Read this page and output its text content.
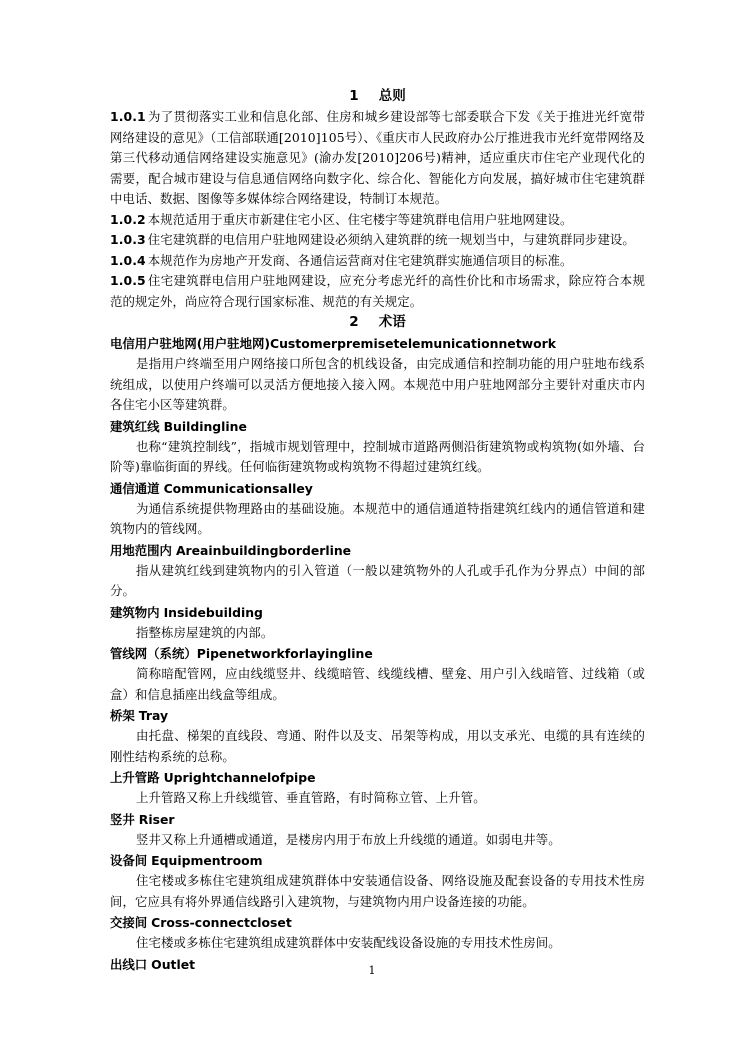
1 总则

1.0.1 为了贯彻落实工业和信息化部、住房和城乡建设部等七部委联合下发《关于推进光纤宽带网络建设的意见》（工信部联通[2010]105号）、《重庆市人民政府办公厅推进我市光纤宽带网络及第三代移动通信网络建设实施意见》(渝办发[2010]206号)精神，适应重庆市住宅产业现代化的需要，配合城市建设与信息通信网络向数字化、综合化、智能化方向发展，搞好城市住宅建筑群中电话、数据、图像等多媒体综合网络建设，特制订本规范。

1.0.2 本规范适用于重庆市新建住宅小区、住宅楼宇等建筑群电信用户驻地网建设。

1.0.3 住宅建筑群的电信用户驻地网建设必须纳入建筑群的统一规划当中，与建筑群同步建设。

1.0.4 本规范作为房地产开发商、各通信运营商对住宅建筑群实施通信项目的标准。

1.0.5 住宅建筑群电信用户驻地网建设，应充分考虑光纤的高性价比和市场需求，除应符合本规范的规定外，尚应符合现行国家标准、规范的有关规定。

2 术语

电信用户驻地网(用户驻地网)Customerpremisetelemunicationnetwork

是指用户终端至用户网络接口所包含的机线设备，由完成通信和控制功能的用户驻地布线系统组成，以使用户终端可以灵活方便地接入接入网。本规范中用户驻地网部分主要针对重庆市内各住宅小区等建筑群。

建筑红线 Buildingline

也称“建筑控制线”，指城市规划管理中，控制城市道路两侧沿街建筑物或构筑物(如外墙、台阶等)靠临街面的界线。任何临街建筑物或构筑物不得超过建筑红线。

通信通道 Communicationsalley

为通信系统提供物理路由的基础设施。本规范中的通信通道特指建筑红线内的通信管道和建筑物内的管线网。

用地范围内 Areainbuildingborderline

指从建筑红线到建筑物内的引入管道（一般以建筑物外的人孔或手孔作为分界点）中间的部分。

建筑物内 Insidebuilding

指整栋房屋建筑的内部。

管线网（系统）Pipenetworkforlayingline

简称暗配管网，应由线缆竖井、线缆暗管、线缆线槽、壁龛、用户引入线暗管、过线箱（或盒）和信息插座出线盒等组成。

桥架 Tray

由托盘、梯架的直线段、弯通、附件以及支、吊架等构成，用以支承光、电缆的具有连续的刚性结构系统的总称。

上升管路 Uprightchannelofpipe

上升管路又称上升线缆管、垂直管路，有时简称立管、上升管。

竖井 Riser

竖井又称上升通槽或通道，是楼房内用于布放上升线缆的通道。如弱电井等。

设备间 Equipmentroom

住宅楼或多栋住宅建筑组成建筑群体中安装通信设备、网络设施及配套设备的专用技术性房间，它应具有将外界通信线路引入建筑物，与建筑物内用户设备连接的功能。

交接间 Cross-connectcloset

住宅楼或多栋住宅建筑组成建筑群体中安装配线设备设施的专用技术性房间。

出线口 Outlet	1
